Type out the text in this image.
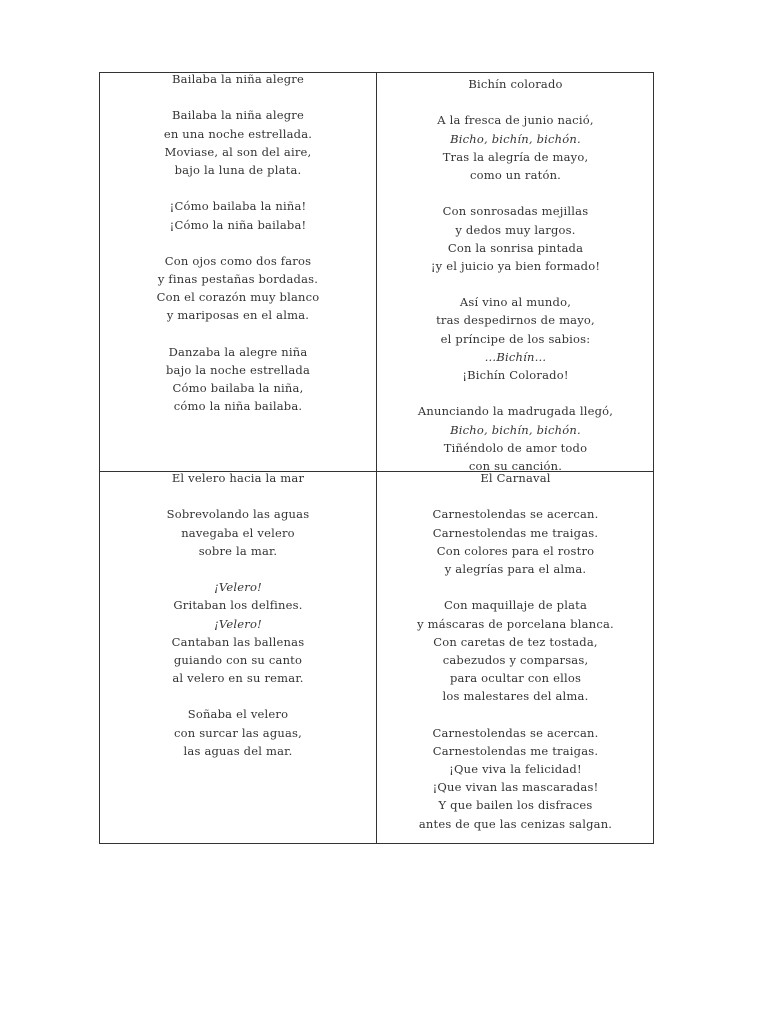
Bailaba la niña alegre
Bailaba la niña alegre
en una noche estrellada.
Moviase, al son del aire,
bajo la luna de plata.
¡Cómo bailaba la niña!
¡Cómo la niña bailaba!
Con ojos como dos faros
y finas pestañas bordadas.
Con el corazón muy blanco
y mariposas en el alma.
Danzaba la alegre niña
bajo la noche estrellada
Cómo bailaba la niña,
cómo la niña bailaba.
Bichín colorado
A la fresca de junio nació,
Bicho, bichín, bichón.
Tras la alegría de mayo,
como un ratón.
Con sonrosadas mejillas
y dedos muy largos.
Con la sonrisa pintada
¡y el juicio ya bien formado!
Así vino al mundo,
tras despedirnos de mayo,
el príncipe de los sabios:
…Bichín…
¡Bichín Colorado!
Anunciando la madrugada llegó,
Bicho, bichín, bichón.
Tiñéndolo de amor todo
con su canción.
El velero hacia la mar
Sobrevolando las aguas
navegaba el velero
sobre la mar.
¡Velero!
Gritaban los delfines.
¡Velero!
Cantaban las ballenas
guiando con su canto
al velero en su remar.
Soñaba el velero
con surcar las aguas,
las aguas del mar.
El Carnaval
Carnestolendas se acercan.
Carnestolendas me traigas.
Con colores para el rostro
y alegrías para el alma.
Con maquillaje de plata
y máscaras de porcelana blanca.
Con caretas de tez tostada,
cabezudos y comparsas,
para ocultar con ellos
los malestares del alma.
Carnestolendas se acercan.
Carnestolendas me traigas.
¡Que viva la felicidad!
¡Que vivan las mascaradas!
Y que bailen los disfraces
antes de que las cenizas salgan.
